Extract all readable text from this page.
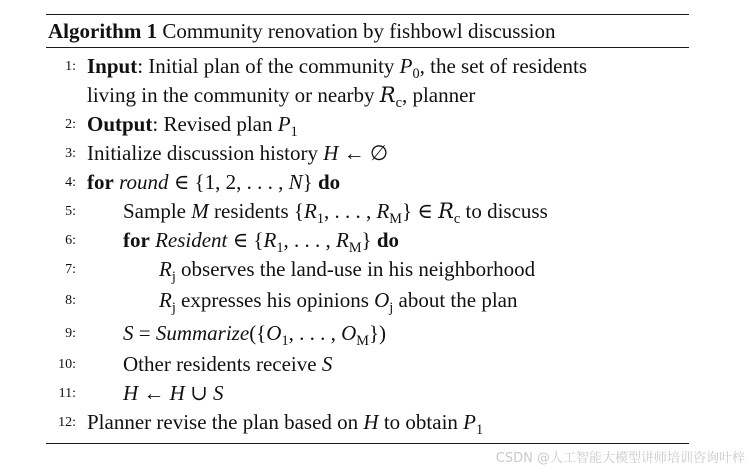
Algorithm 1 Community renovation by fishbowl discussion
1: Input: Initial plan of the community $P_0$, the set of residents
living in the community or nearby $R_c$, planner
2: Output: Revised plan $P_1$
3: Initialize discussion history H ← ∅
4: for round ∈ {1, 2, . . . , N} do
5:	Sample M residents {$R_1$, . . . , $R_M$} ∈ $R_c$ to discuss
6:	for Resident ∈ {$R_1$, . . . , $R_M$} do
7:	$R_j$ observes the land-use in his neighborhood
8:	$R_j$ expresses his opinions $O_j$ about the plan
9:	$S = Summarize(\{O_1$, . . . , $O_M$})
10:	Other residents receive S
11:	H ← H ∪ S
12: Planner revise the plan based on H to obtain $P_1$
CSDN @人工智能大模型讲师培训咨询叶梓
